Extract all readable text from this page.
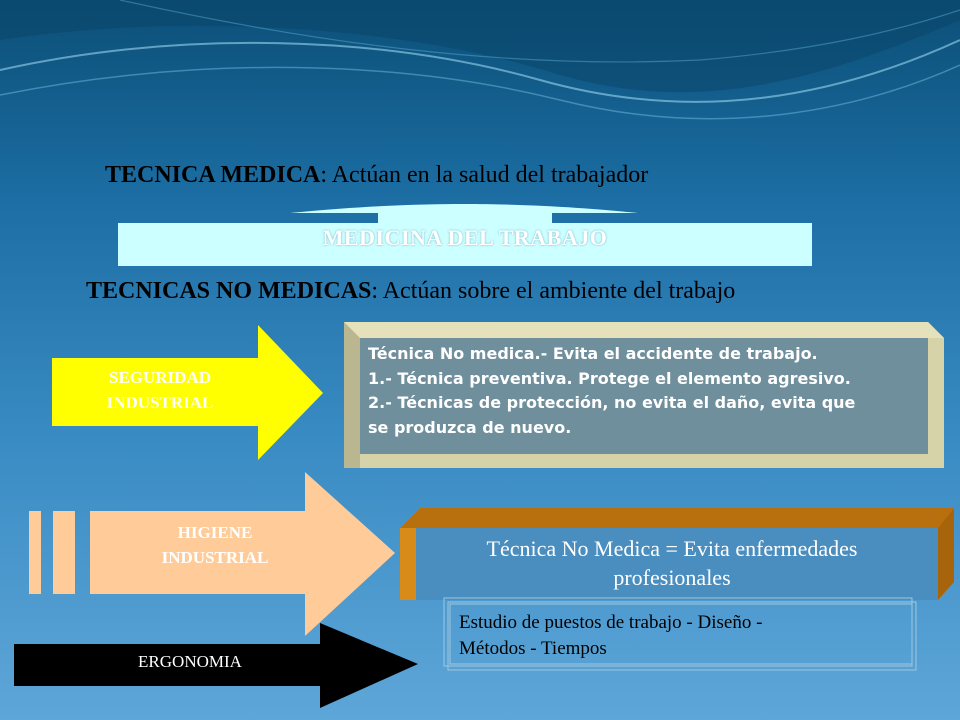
TECNICA MEDICA: Actúan en la salud del trabajador
MEDICINA DEL TRABAJO
TECNICAS NO MEDICAS: Actúan sobre el ambiente del trabajo
SEGURIDAD
INDUSTRIAL
Técnica No medica.- Evita el accidente de trabajo.
1.- Técnica preventiva. Protege el elemento agresivo.
2.- Técnicas de protección, no evita el daño, evita que
se produzca de nuevo.
HIGIENE
INDUSTRIAL	Técnica No Medica = Evita enfermedades
profesionales
ERGONOMIA
Estudio de puestos de trabajo - Diseño -
Métodos - Tiempos
